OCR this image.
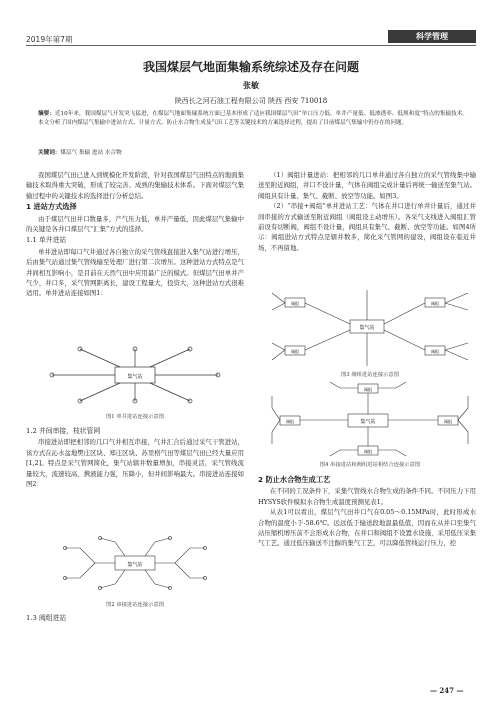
2019年第7期	科学管理
我国煤层气地面集输系统综述及存在问题
张敏
陕西长之河石油工程有限公司 陕西 西安 710018
摘要：近10年来，我国煤层气开发突飞猛进，在煤层气地面集输系统方面已基本形成了适应我国煤层气田“单口压力低、单井产量低、低渗透率、低规和度”特点的集输技术。本文分析了国内煤层气集输中进站方式、计量方式、防止水合物生成及气田工艺等关键技术的方案选择过程，提出了目前煤层气集输中仍存在的问题。
关键词：煤层气 集输 进站 水合物

我国煤层气田已进入到规模化开发阶段，针对我国煤层气田特点的地面集输技术取得重大突破，形成了较完善、成熟的集输技术体系。下面对煤层气集输过程中的关键技术的选择进行分析总结。

1 进站方式选择

由于煤层气田井口数量多，产气压力低，单井产量低，因此煤层气集输中的关键是各井口煤层气“汇集”方式的选择。

1.1 单井进站

单井进站即每口气井通过各自独立的采气管线直接进入集气站进行增压，后由集气站通过集气管线输至处理厂进行第二次增压。这种进站方式特点是气井间相互影响小，是目前在天然气田中应用最广泛的模式。但煤层气田单井产气少，井口多，采气管网距离长，建设工程量大，投资大，这种进站方式很难适用。单井进站连接如图1：

集气站
图1 单井进站连接示意图
1.2 井间串接，枝状管网

串接进站即把相邻的几口气井相互串接，气井汇合后通过采气干管进站，该方式在沁水盆地樊庄区块、郑庄区块、苏里格气田等煤层气田已经大量应用[1,2]。特点是采气管网简化，集气站辖井数量增加，串接灵活，采气管线流量较大，流速较高，携液能力强，压降小，但井间影响最大。串接进站连接如图2：

集气站
图2 串接进站连接示意图
1.3 阀组进站

（1）阀组计量进站：把相邻的几口单井通过各自独立的采气管线集中输送至附近阀组，井口不设计量，气体在阀组完成计量后再统一输送至集气站。阀组具有计量、集气、截断、放空等功能。如图3。

（2）“串接+阀组”单井进站工艺：气体在井口进行单井计量后，通过井间串接的方式输送至附近阀组（阀组设主动增压）。各采气支线进入阀组汇管前设有切断阀，阀组不设计量，阀组具有集气、截断、放空等功能。如图4所示：阀组进站方式特点是辖井数多，简化采气管网的建设，阀组设在临近井场，不再留地。

集气站
阀组	阀组
阀组	阀组
图3 阀组进站连接示意图
集气站
阀组	阀组
阀组
阀组
图4 串接进站和阀组进站相结合连接示意图
2 防止水合物生成工艺

在不同的工况条件下，采集气管线水合物生成的条件不同。不同压力下用HYSYS软件模拟水合物生成温度预测见表1。

从表1可以看出，煤层气气田井口气在0.05～0.15MPa时，此时形成水合物的温度小于-58.6℃。远远低于输送段地温最低值，因而在从井口至集气站压缩机增压前不会形成水合物，在井口和阀组不设置水设施，采用低压采集气工艺。通过低压输送不注醇的集气工艺，可以降低管线运行压力，控

— 247 —
